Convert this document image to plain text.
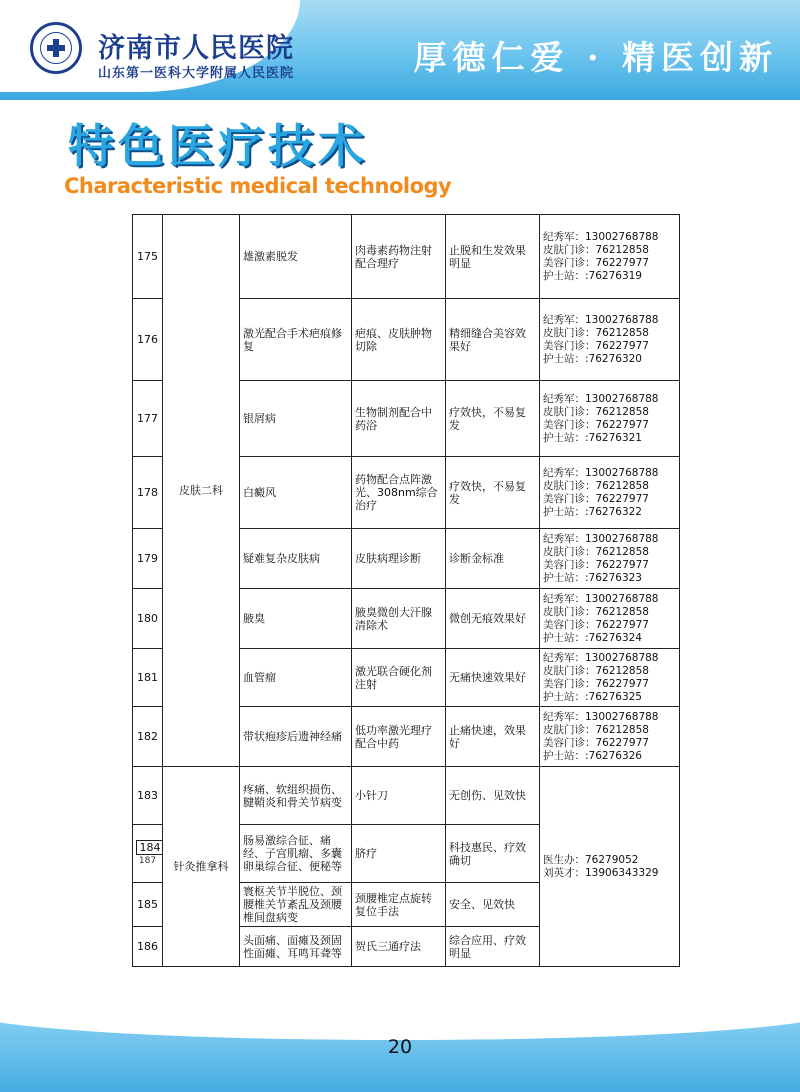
济南市人民医院
山东第一医科大学附属人民医院	厚德仁爱 · 精医创新
特色医疗技术
Characteristic medical technology
175	皮肤二科	雄激素脱发	肉毒素药物注射配合理疗	止脱和生发效果明显	纪秀军：13002768788
皮肤门诊：76212858
美容门诊：76227977
护士站：:76276319

176		激光配合手术疤痕修复	疤痕、皮肤肿物切除	精细缝合美容效果好	纪秀军：13002768788
皮肤门诊：76212858
美容门诊：76227977
护士站：:76276320

177		银屑病	生物制剂配合中药浴	疗效快，不易复发	纪秀军：13002768788
皮肤门诊：76212858
美容门诊：76227977
护士站：:76276321

178		白癜风	药物配合点阵激光、308nm综合治疗	疗效快，不易复发	纪秀军：13002768788
皮肤门诊：76212858
美容门诊：76227977
护士站：:76276322

179		疑难复杂皮肤病	皮肤病理诊断	诊断金标准	纪秀军：13002768788
皮肤门诊：76212858
美容门诊：76227977
护士站：:76276323

180		腋臭	腋臭微创大汗腺清除术	微创无痕效果好	纪秀军：13002768788
皮肤门诊：76212858
美容门诊：76227977
护士站：:76276324

181		血管瘤	激光联合硬化剂注射	无痛快速效果好	纪秀军：13002768788
皮肤门诊：76212858
美容门诊：76227977
护士站：:76276325

182		带状疱疹后遗神经痛	低功率激光理疗配合中药	止痛快速，效果好	纪秀军：13002768788
皮肤门诊：76212858
美容门诊：76227977
护士站：:76276326

183	针灸推拿科	疼痛、软组织损伤、腱鞘炎和骨关节病变	小针刀	无创伤、见效快	医生办：76279052
刘英才：13906343329

184
187		肠易激综合征、痛经、子宫肌瘤、多囊卵巢综合征、便秘等	脐疗	科技惠民、疗效确切	
185		寰枢关节半脱位、颈腰椎关节紊乱及颈腰椎间盘病变	颈腰椎定点旋转复位手法	安全、见效快	
186		头面痛、面瘫及颈固性面瘫、耳鸣耳聋等	贺氏三通疗法	综合应用、疗效明显	
20
